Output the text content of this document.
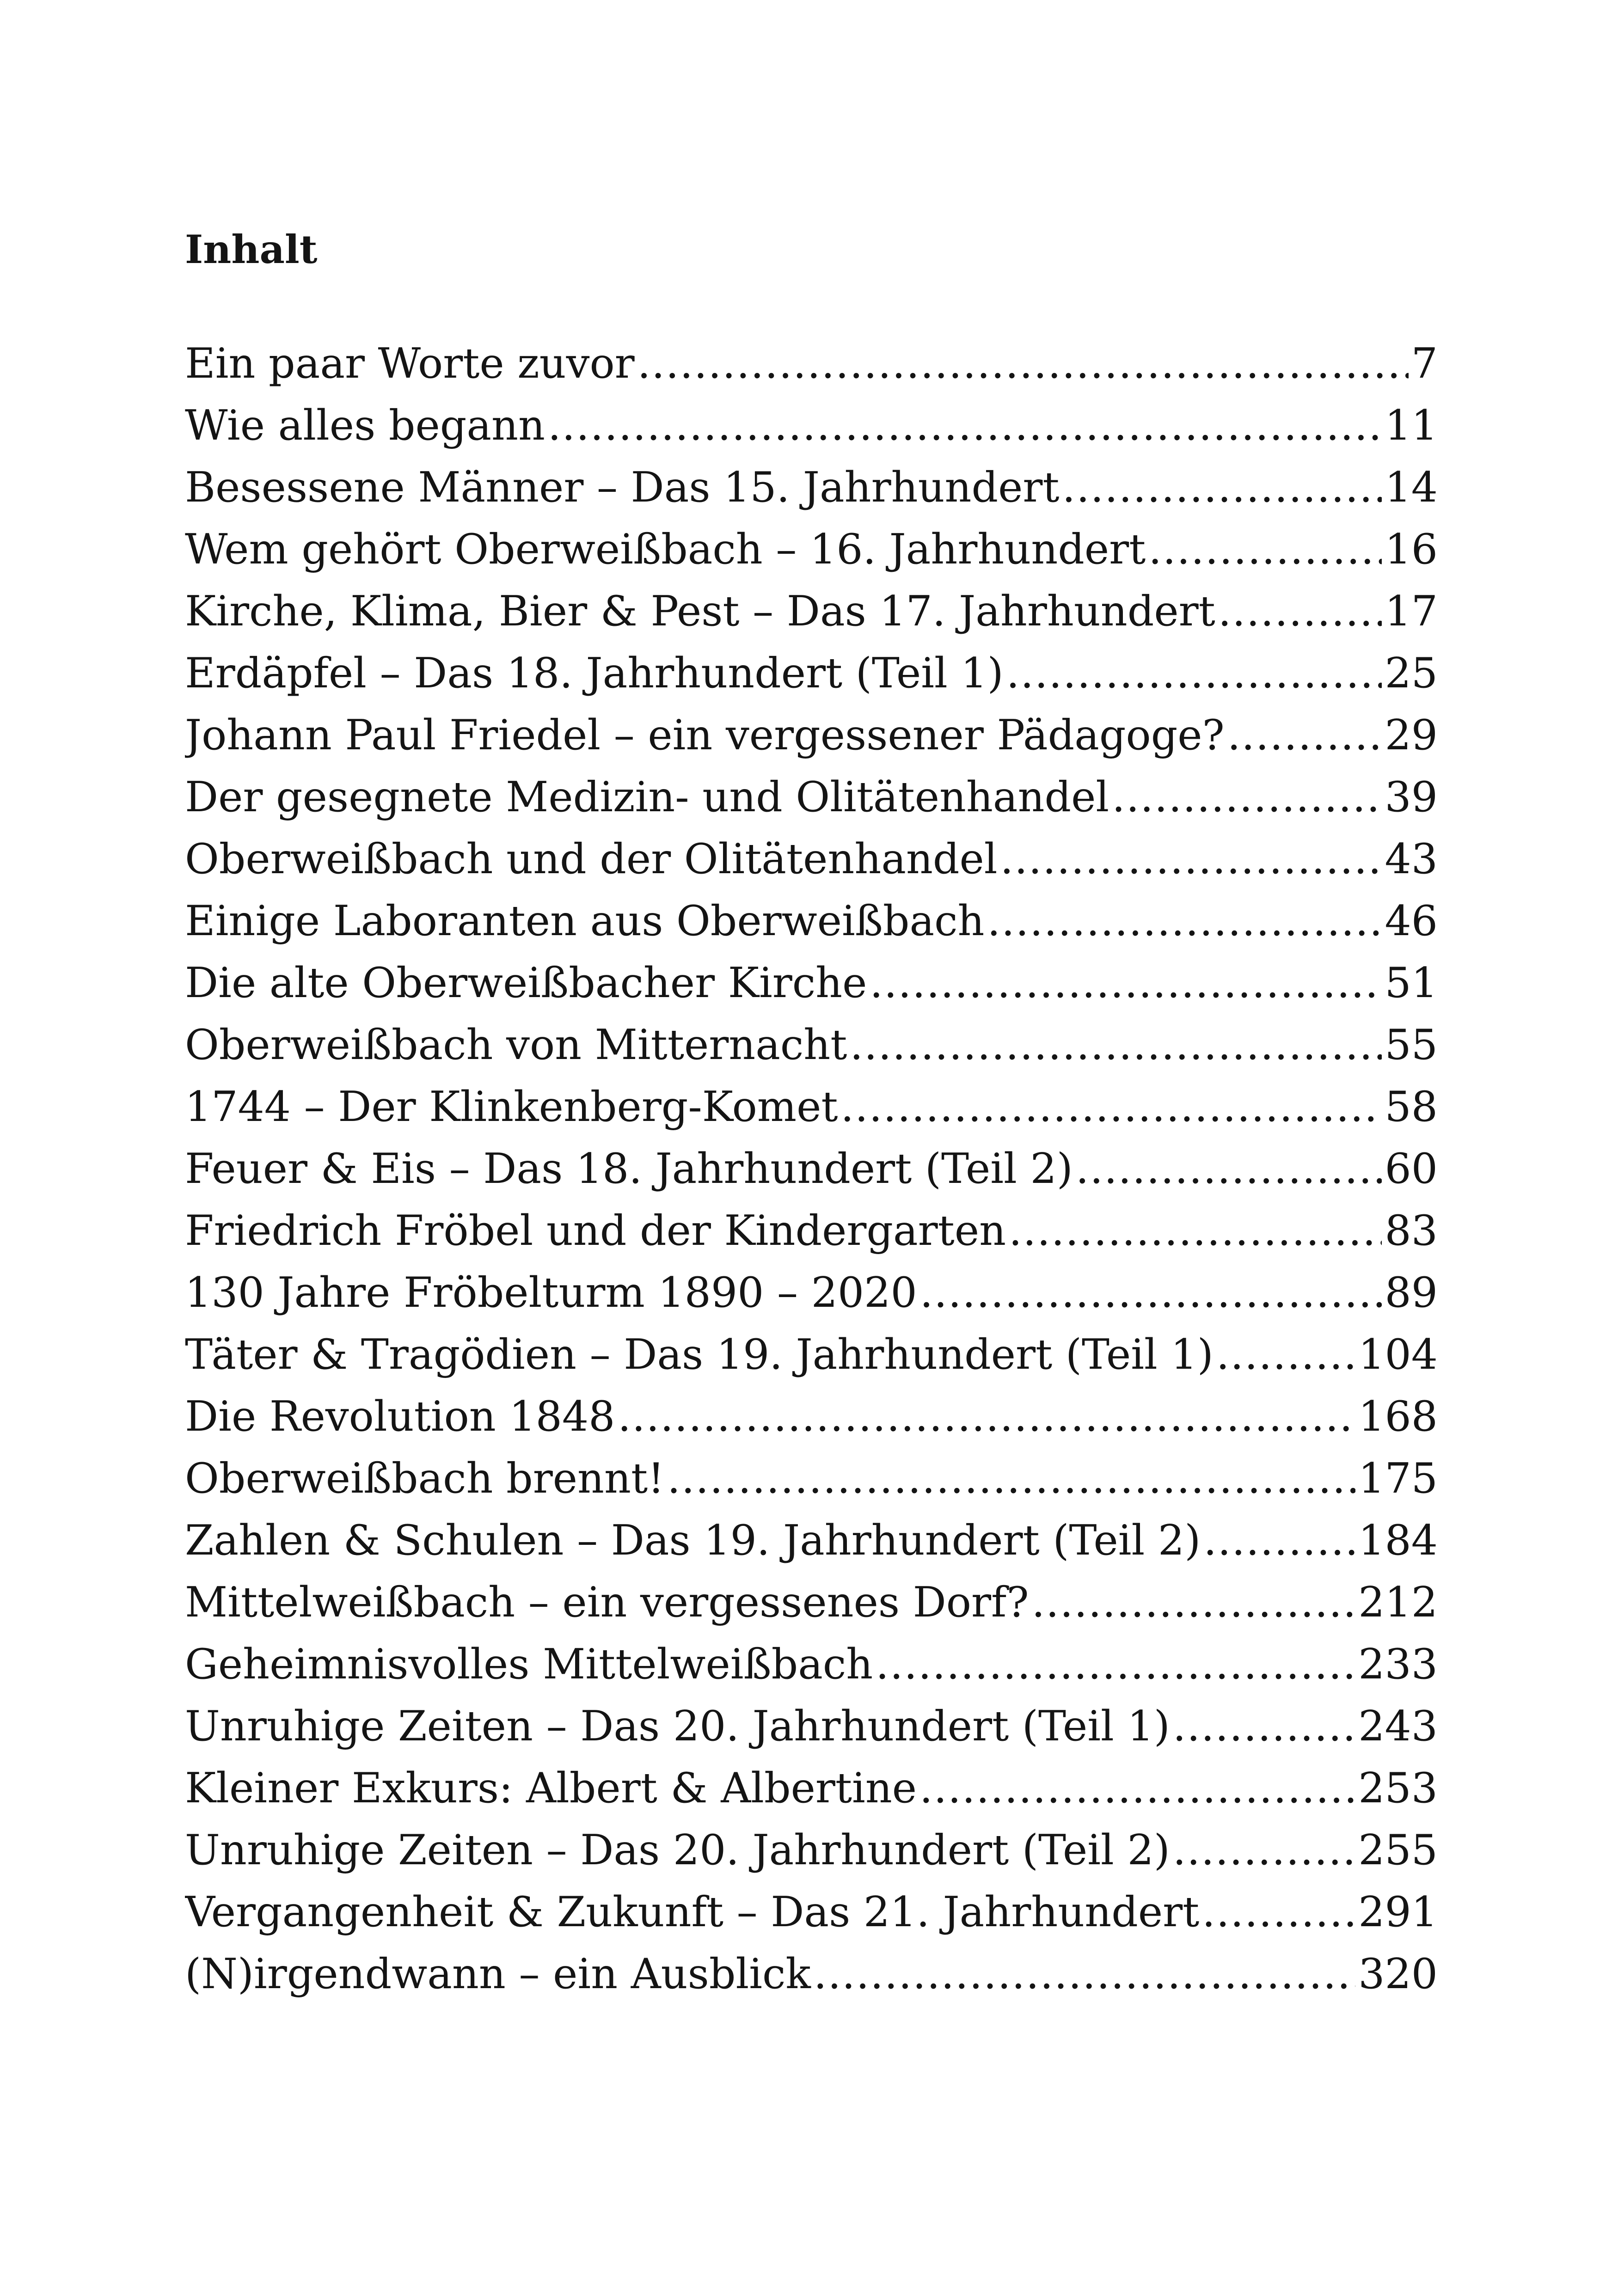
Inhalt
Ein paar Worte zuvor .....	7
Wie alles begann .....	11
Besessene Männer – Das 15. Jahrhundert .....	14
Wem gehört Oberweißbach – 16. Jahrhundert .....	16
Kirche, Klima, Bier & Pest – Das 17. Jahrhundert .....	17
Erdäpfel – Das 18. Jahrhundert (Teil 1) .....	25
Johann Paul Friedel – ein vergessener Pädagoge? .....	29
Der gesegnete Medizin- und Olitätenhandel .....	39
Oberweißbach und der Olitätenhandel .....	43
Einige Laboranten aus Oberweißbach .....	46
Die alte Oberweißbacher Kirche .....	51
Oberweißbach von Mitternacht .....	55
1744 – Der Klinkenberg-Komet .....	58
Feuer & Eis – Das 18. Jahrhundert (Teil 2) .....	60
Friedrich Fröbel und der Kindergarten .....	83
130 Jahre Fröbelturm 1890 – 2020 .....	89
Täter & Tragödien – Das 19. Jahrhundert (Teil 1) .....	104
Die Revolution 1848 .....	168
Oberweißbach brennt! .....	175
Zahlen & Schulen – Das 19. Jahrhundert (Teil 2) .....	184
Mittelweißbach – ein vergessenes Dorf? .....	212
Geheimnisvolles Mittelweißbach .....	233
Unruhige Zeiten – Das 20. Jahrhundert (Teil 1) .....	243
Kleiner Exkurs: Albert & Albertine .....	253
Unruhige Zeiten – Das 20. Jahrhundert (Teil 2) .....	255
Vergangenheit & Zukunft – Das 21. Jahrhundert .....	291
(N)irgendwann – ein Ausblick .....	320
